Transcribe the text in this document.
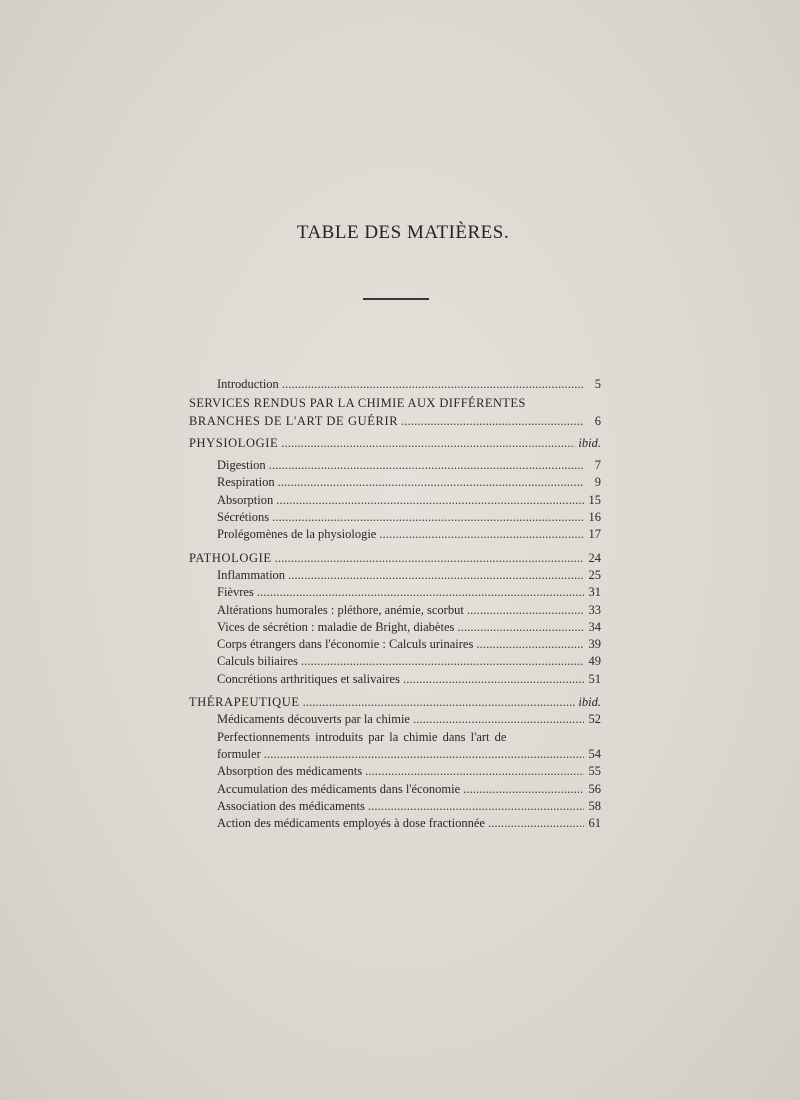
TABLE DES MATIÈRES.
Introduction . . .	5
SERVICES RENDUS PAR LA CHIMIE AUX DIFFÉRENTES
BRANCHES DE L'ART DE GUÉRIR . . .	6
PHYSIOLOGIE . . .	ibid.
Digestion . . .	7
Respiration . . .	9
Absorption . . .	15
Sécrétions . . .	16
Prolégomènes de la physiologie . . .	17
PATHOLOGIE . . .	24
Inflammation . . .	25
Fièvres . . .	31
Altérations humorales : pléthore, anémie, scorbut . . .	33
Vices de sécrétion : maladie de Bright, diabètes . . .	34
Corps étrangers dans l'économie : Calculs urinaires . . .	39
Calculs biliaires . . .	49
Concrétions arthritiques et salivaires . . .	51
THÉRAPEUTIQUE . . .	ibid.
Médicaments découverts par la chimie . . .	52
Perfectionnements introduits par la chimie dans l'art de
formuler . . .	54
Absorption des médicaments . . .	55
Accumulation des médicaments dans l'économie . . .	56
Association des médicaments . . .	58
Action des médicaments employés à dose fractionnée . . .	61
